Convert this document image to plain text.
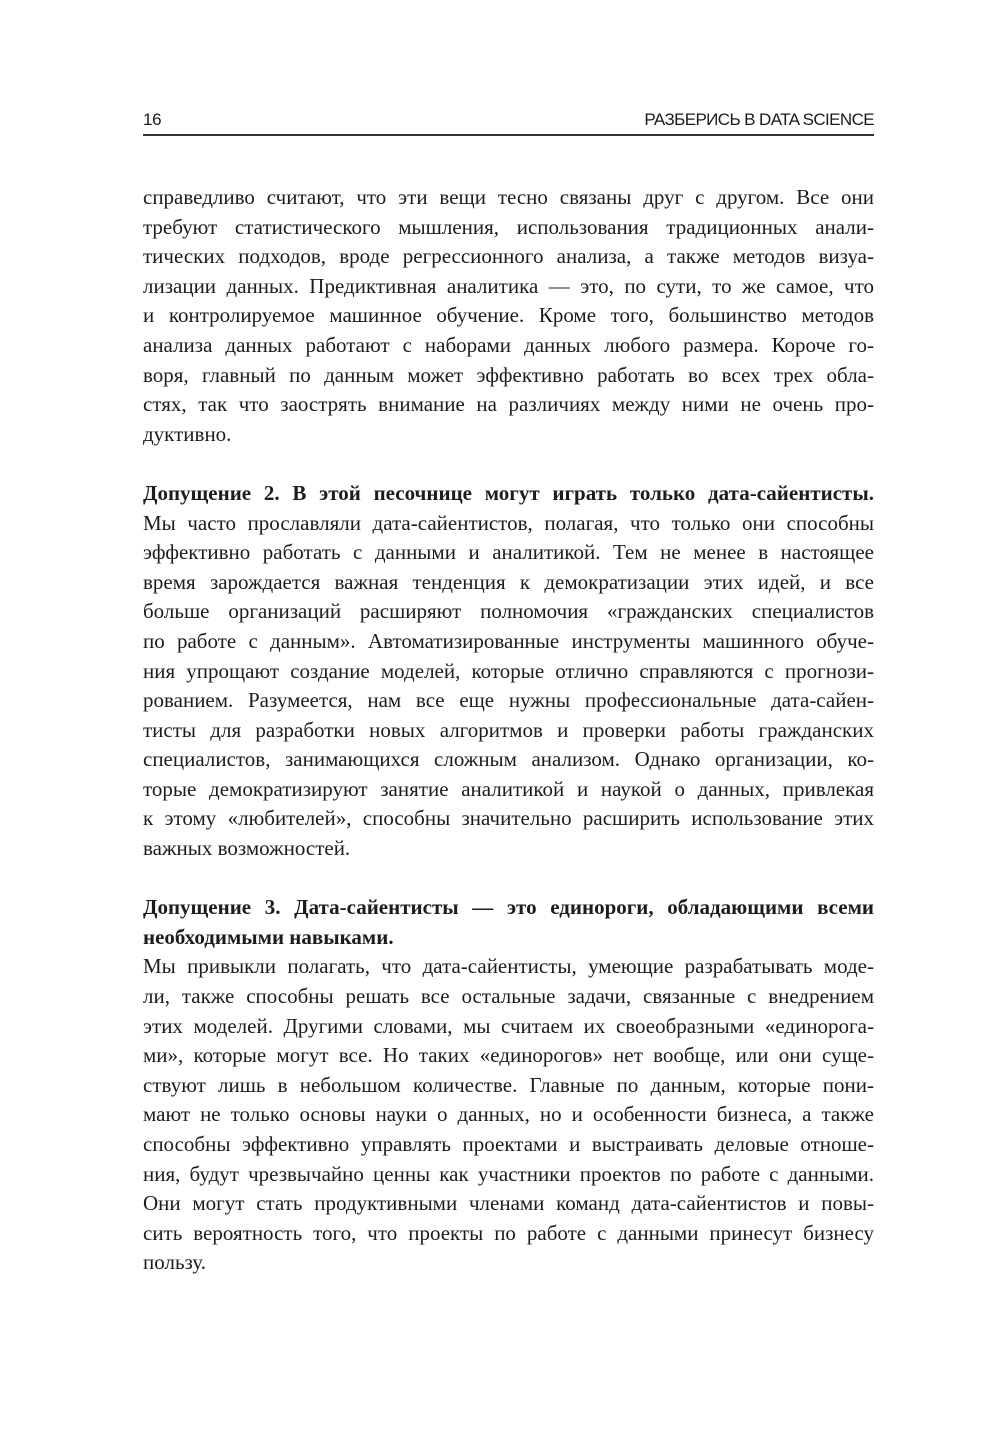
16	РАЗБЕРИСЬ В DATA SCIENCE

справедливо считают, что эти вещи тесно связаны друг с другом. Все они
требуют статистического мышления, использования традиционных анали-
тических подходов, вроде регрессионного анализа, а также методов визуа-
лизации данных. Предиктивная аналитика — это, по сути, то же самое, что
и контролируемое машинное обучение. Кроме того, большинство методов
анализа данных работают с наборами данных любого размера. Короче го-
воря, главный по данным может эффективно работать во всех трех обла-
стях, так что заострять внимание на различиях между ними не очень про-
дуктивно.

Допущение 2. В этой песочнице могут играть только дата-сайентисты.

Мы часто прославляли дата-сайентистов, полагая, что только они способны
эффективно работать с данными и аналитикой. Тем не менее в настоящее
время зарождается важная тенденция к демократизации этих идей, и все
больше организаций расширяют полномочия «гражданских специалистов
по работе с данным». Автоматизированные инструменты машинного обуче-
ния упрощают создание моделей, которые отлично справляются с прогнози-
рованием. Разумеется, нам все еще нужны профессиональные дата-сайен-
тисты для разработки новых алгоритмов и проверки работы гражданских
специалистов, занимающихся сложным анализом. Однако организации, ко-
торые демократизируют занятие аналитикой и наукой о данных, привлекая
к этому «любителей», способны значительно расширить использование этих
важных возможностей.

Допущение 3. Дата-сайентисты — это единороги, обладающими всеми
необходимыми навыками.

Мы привыкли полагать, что дата-сайентисты, умеющие разрабатывать моде-
ли, также способны решать все остальные задачи, связанные с внедрением
этих моделей. Другими словами, мы считаем их своеобразными «единорога-
ми», которые могут все. Но таких «единорогов» нет вообще, или они суще-
ствуют лишь в небольшом количестве. Главные по данным, которые пони-
мают не только основы науки о данных, но и особенности бизнеса, а также
способны эффективно управлять проектами и выстраивать деловые отноше-
ния, будут чрезвычайно ценны как участники проектов по работе с данными.
Они могут стать продуктивными членами команд дата-сайентистов и повы-
сить вероятность того, что проекты по работе с данными принесут бизнесу
пользу.
